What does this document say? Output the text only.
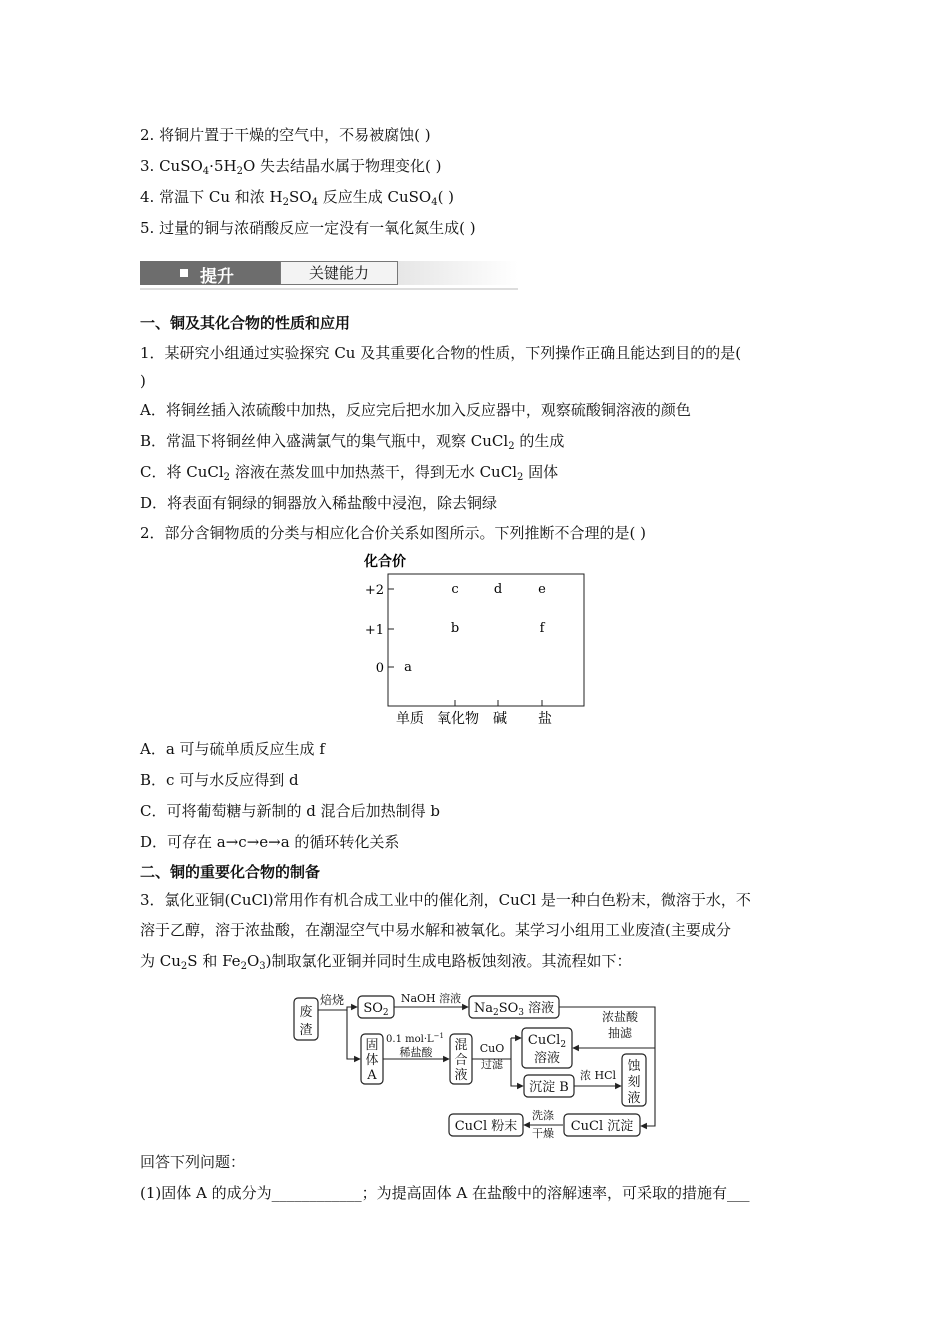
2. 将铜片置于干燥的空气中，不易被腐蚀( )
3. $CuSO_4\cdot 5H_2O$ 失去结晶水属于物理变化( )
4. 常温下 Cu 和浓 $H_2SO_4$ 反应生成 CuSO$_4$( )
5. 过量的铜与浓硝酸反应一定没有一氧化氮生成( )
提升	关键能力
一、铜及其化合物的性质和应用
1．某研究小组通过实验探究 Cu 及其重要化合物的性质，下列操作正确且能达到目的的是(
)
A．将铜丝插入浓硫酸中加热，反应完后把水加入反应器中，观察硫酸铜溶液的颜色
B．常温下将铜丝伸入盛满氯气的集气瓶中，观察 CuCl$_2$ 的生成
C．将 CuCl$_2$ 溶液在蒸发皿中加热蒸干，得到无水 CuCl$_2$ 固体
D．将表面有铜绿的铜器放入稀盐酸中浸泡，除去铜绿
2．部分含铜物质的分类与相应化合价关系如图所示。下列推断不合理的是( )
化合价
+2
+1
0
单质 氧化物 碱 盐
a
b
c	d	e
f
A．a 可与硫单质反应生成 f
B．c 可与水反应得到 d
C．可将葡萄糖与新制的 d 混合后加热制得 b
D．可存在 a→c→e→a 的循环转化关系
二、铜的重要化合物的制备
3．氯化亚铜(CuCl)常用作有机合成工业中的催化剂，CuCl 是一种白色粉末，微溶于水，不
溶于乙醇，溶于浓盐酸，在潮湿空气中易水解和被氧化。某学习小组用工业废渣(主要成分
为 $Cu_2S$ 和 $Fe_2O_3$)制取氯化亚铜并同时生成电路板蚀刻液。其流程如下：
废
渣
焙烧
$SO_2$
NaOH 溶液
$Na_2SO_3$ 溶液
浓盐酸
抽滤
固
体
A
0.1 $mol\cdot L^{-1}$
稀盐酸 混
合
液
CuO
过滤
CuCl$_2$
溶液
沉淀 B
浓 HCl
蚀
刻
液
洗涤
干燥
CuCl 粉末	CuCl 沉淀
回答下列问题：
(1)固体 A 的成分为____________；为提高固体 A 在盐酸中的溶解速率，可采取的措施有___
